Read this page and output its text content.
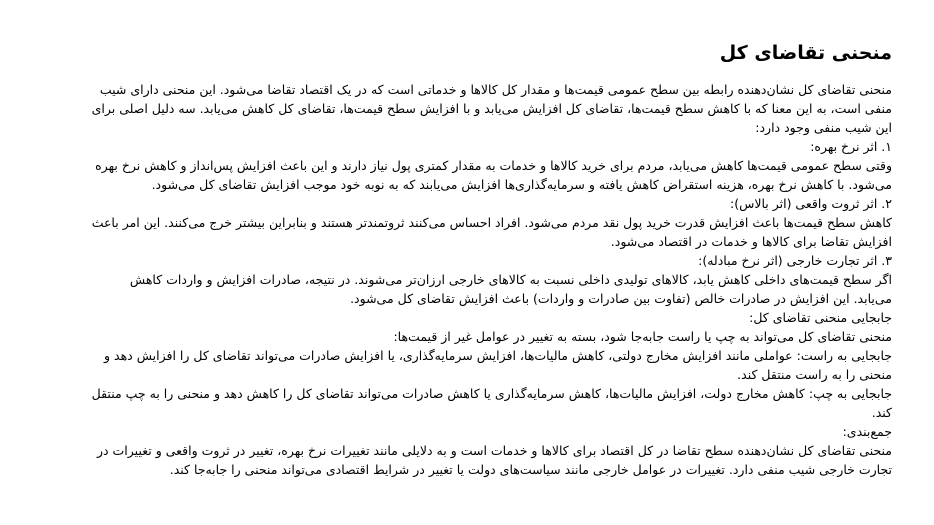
منحنی تقاضای کل

منحنی تقاضای کل نشان‌دهنده رابطه بین سطح عمومی قیمت‌ها و مقدار کل کالاها و خدماتی است که در یک اقتصاد تقاضا می‌شود. این منحنی دارای شیب منفی است، به این معنا که با کاهش سطح قیمت‌ها، تقاضای کل افزایش می‌یابد و با افزایش سطح قیمت‌ها، تقاضای کل کاهش می‌یابد. سه دلیل اصلی برای این شیب منفی وجود دارد:

۱. اثر نرخ بهره:

وقتی سطح عمومی قیمت‌ها کاهش می‌یابد، مردم برای خرید کالاها و خدمات به مقدار کمتری پول نیاز دارند و این باعث افزایش پس‌انداز و کاهش نرخ بهره می‌شود. با کاهش نرخ بهره، هزینه استقراض کاهش یافته و سرمایه‌گذاری‌ها افزایش می‌یابند که به نوبه خود موجب افزایش تقاضای کل می‌شود.

۲. اثر ثروت واقعی (اثر بالاس):

کاهش سطح قیمت‌ها باعث افزایش قدرت خرید پول نقد مردم می‌شود. افراد احساس می‌کنند ثروتمندتر هستند و بنابراین بیشتر خرج می‌کنند. این امر باعث افزایش تقاضا برای کالاها و خدمات در اقتصاد می‌شود.

۳. اثر تجارت خارجی (اثر نرخ مبادله):

اگر سطح قیمت‌های داخلی کاهش یابد، کالاهای تولیدی داخلی نسبت به کالاهای خارجی ارزان‌تر می‌شوند. در نتیجه، صادرات افزایش و واردات کاهش می‌یابد. این افزایش در صادرات خالص (تفاوت بین صادرات و واردات) باعث افزایش تقاضای کل می‌شود.

جابجایی منحنی تقاضای کل:

منحنی تقاضای کل می‌تواند به چپ یا راست جابه‌جا شود، بسته به تغییر در عوامل غیر از قیمت‌ها:

جابجایی به راست: عواملی مانند افزایش مخارج دولتی، کاهش مالیات‌ها، افزایش سرمایه‌گذاری، یا افزایش صادرات می‌تواند تقاضای کل را افزایش دهد و منحنی را به راست منتقل کند.

جابجایی به چپ: کاهش مخارج دولت، افزایش مالیات‌ها، کاهش سرمایه‌گذاری یا کاهش صادرات می‌تواند تقاضای کل را کاهش دهد و منحنی را به چپ منتقل کند.

جمع‌بندی:

منحنی تقاضای کل نشان‌دهنده سطح تقاضا در کل اقتصاد برای کالاها و خدمات است و به دلایلی مانند تغییرات نرخ بهره، تغییر در ثروت واقعی و تغییرات در تجارت خارجی شیب منفی دارد. تغییرات در عوامل خارجی مانند سیاست‌های دولت یا تغییر در شرایط اقتصادی می‌تواند منحنی را جابه‌جا کند.
